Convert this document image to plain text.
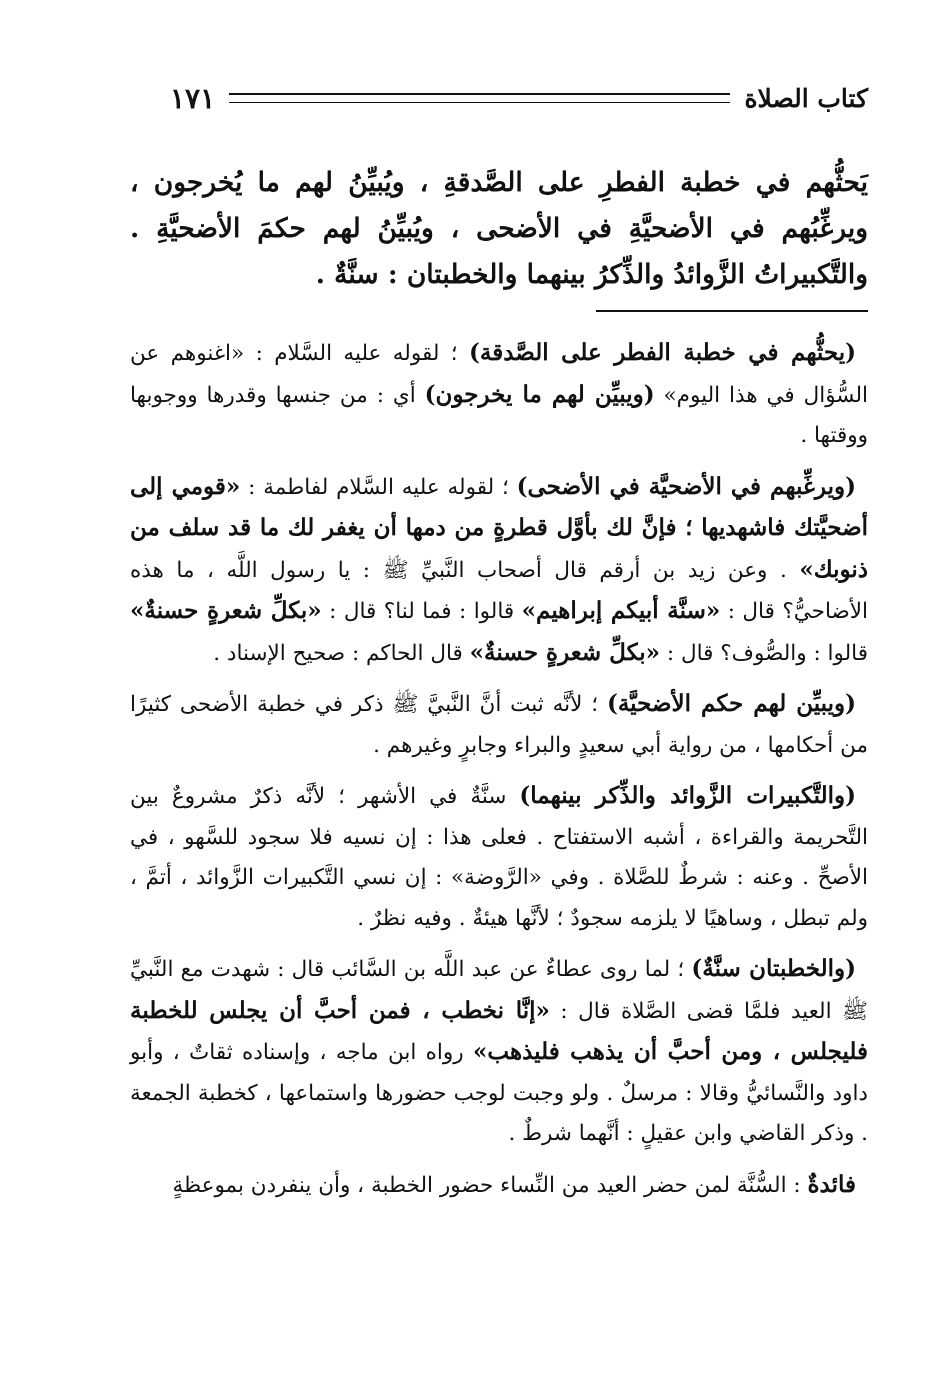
كتاب الصلاة
١٧١
يَحثُّهم في خطبة الفطرِ على الصَّدقةِ ، ويُبيِّنُ لهم ما يُخرجون ، ويرغِّبُهم في الأضحيَّةِ في الأضحى ، ويُبيِّنُ لهم حكمَ الأضحيَّةِ . والتَّكبيراتُ الزَّوائدُ والذِّكرُ بينهما والخطبتان : سنَّةٌ .

(يحثُّهم في خطبة الفطر على الصَّدقة) ؛ لقوله عليه السَّلام : «اغنوهم عن السُّؤال في هذا اليوم» (ويبيِّن لهم ما يخرجون) أي : من جنسها وقدرها ووجوبها ووقتها .

(ويرغِّبهم في الأضحيَّة في الأضحى) ؛ لقوله عليه السَّلام لفاطمة : «قومي إلى أضحيَّتك فاشهديها ؛ فإنَّ لك بأوَّل قطرةٍ من دمها أن يغفر لك ما قد سلف من ذنوبك» . وعن زيد بن أرقم قال أصحاب النَّبيِّ ﷺ : يا رسول اللَّه ، ما هذه الأضاحيُّ؟ قال : «سنَّة أبيكم إبراهيم» قالوا : فما لنا؟ قال : «بكلِّ شعرةٍ حسنةٌ» قالوا : والصُّوف؟ قال : «بكلِّ شعرةٍ حسنةٌ» قال الحاكم : صحيح الإسناد .

(ويبيِّن لهم حكم الأضحيَّة) ؛ لأنَّه ثبت أنَّ النَّبيَّ ﷺ ذكر في خطبة الأضحى كثيرًا من أحكامها ، من رواية أبي سعيدٍ والبراء وجابرٍ وغيرهم .

(والتَّكبيرات الزَّوائد والذِّكر بينهما) سنَّةٌ في الأشهر ؛ لأنَّه ذكرٌ مشروعٌ بين التَّحريمة والقراءة ، أشبه الاستفتاح . فعلى هذا : إن نسيه فلا سجود للسَّهو ، في الأصحِّ . وعنه : شرطٌ للصَّلاة . وفي «الرَّوضة» : إن نسي التَّكبيرات الزَّوائد ، أتمَّ ، ولم تبطل ، وساهيًا لا يلزمه سجودٌ ؛ لأنَّها هيئةٌ . وفيه نظرٌ .

(والخطبتان سنَّةٌ) ؛ لما روى عطاءٌ عن عبد اللَّه بن السَّائب قال : شهدت مع النَّبيِّ ﷺ العيد فلمَّا قضى الصَّلاة قال : «إنَّا نخطب ، فمن أحبَّ أن يجلس للخطبة فليجلس ، ومن أحبَّ أن يذهب فليذهب» رواه ابن ماجه ، وإسناده ثقاتٌ ، وأبو داود والنَّسائيُّ وقالا : مرسلٌ . ولو وجبت لوجب حضورها واستماعها ، كخطبة الجمعة . وذكر القاضي وابن عقيلٍ : أنَّهما شرطٌ .

فائدةٌ : السُّنَّة لمن حضر العيد من النِّساء حضور الخطبة ، وأن ينفردن بموعظةٍ
